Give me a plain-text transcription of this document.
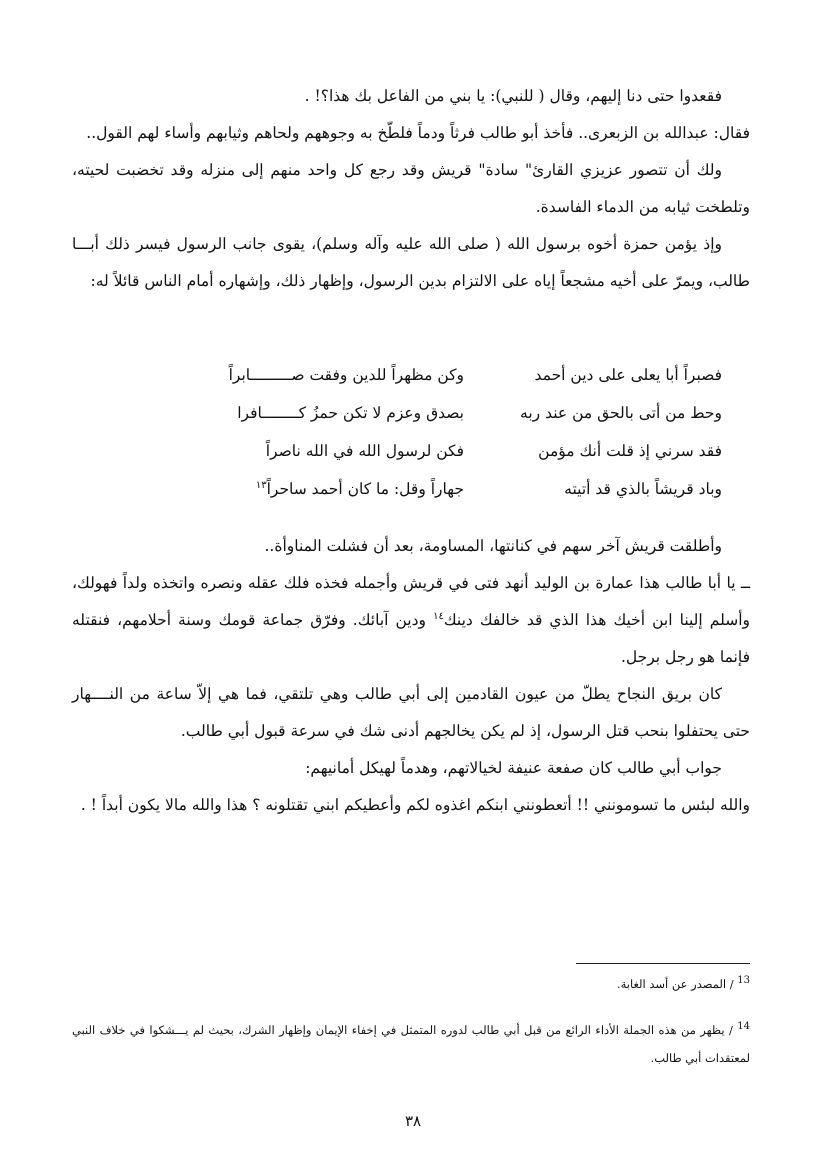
فقعدوا حتى دنا إليهم، وقال ( للنبي): يا بني من الفاعل بك هذا؟! .

فقال: عبدالله بن الزبعرى.. فأخذ أبو طالب فرثاً ودماً فلطّخ به وجوههم ولحاهم وثيابهم وأساء لهم القول..

ولك أن تتصور عزيزي القارئ" سادة" قريش وقد رجع كل واحد منهم إلى منزله وقد تخضبت لحيته، وتلطخت ثيابه من الدماء الفاسدة.

وإذ يؤمن حمزة أخوه برسول الله ( صلى الله عليه وآله وسلم)، يقوى جانب الرسول فيسر ذلك أبـــا طالب، ويمرّ على أخيه مشجعاً إياه على الالتزام بدين الرسول، وإظهار ذلك، وإشهاره أمام الناس قائلاً له:

فصبراً أبا يعلى على دين أحمد
وكن مظهراً للدين وفقت صـــــــــابراً
وحط من أتى بالحق من عند ربه
بصدق وعزم لا تكن حمزُ كــــــــافرا
فقد سرني إذ قلت أنك مؤمن
فكن لرسول الله في الله ناصراً
وباد قريشاً بالذي قد أتيته
جهاراً وقل: ما كان أحمد ساحراً$^{١٣}$

وأطلقت قريش آخر سهم في كنانتها، المساومة، بعد أن فشلت المناوأة..

ــ يا أبا طالب هذا عمارة بن الوليد أنهد فتى في قريش وأجمله فخذه فلك عقله ونصره واتخذه ولداً فهولك، وأسلم إلينا ابن أخيك هذا الذي قد خالفك دينك$^{١٤}$ ودين آبائك. وفرّق جماعة قومك وسنة أحلامهم، فنقتله فإنما هو رجل برجل.

كان بريق النجاح يطلّ من عيون القادمين إلى أبي طالب وهي تلتقي، فما هي إلاّ ساعة من النــــهار حتى يحتفلوا بنحب قتل الرسول، إذ لم يكن يخالجهم أدنى شك في سرعة قبول أبي طالب.

جواب أبي طالب كان صفعة عنيفة لخيالاتهم، وهدماً لهيكل أمانيهم:

والله لبئس ما تسومونني !! أتعطونني ابنكم اغذوه لكم وأعطيكم ابني تقتلونه ؟ هذا والله مالا يكون أبداً ! .

$^{13}$ / المصدر عن أسد الغابة.

$^{14}$ / يظهر من هذه الجملة الأداء الرائع من قبل أبي طالب لدوره المتمثل في إخفاء الإيمان وإظهار الشرك، بحيث لم يـــشكوا في خلاف النبي لمعتقدات أبي طالب.

٣٨
